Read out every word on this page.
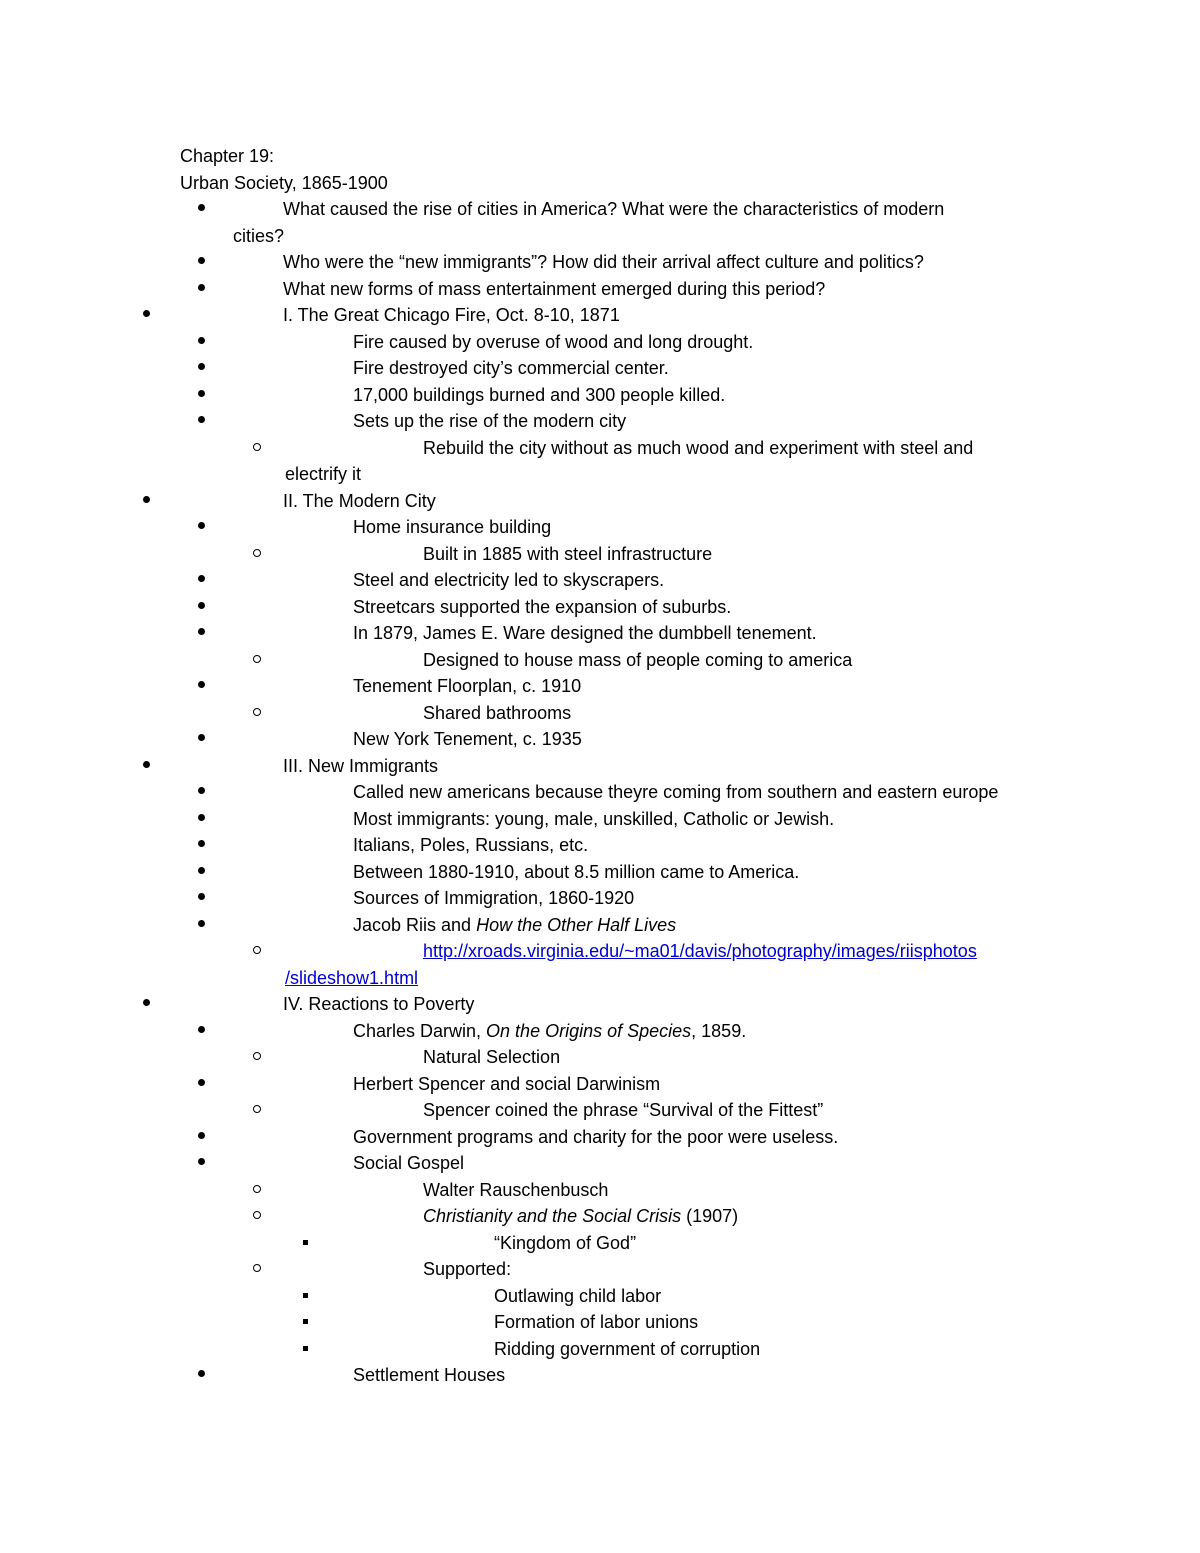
Chapter 19:
Urban Society, 1865-1900
What caused the rise of cities in America? What were the characteristics of modern
cities?
Who were the “new immigrants”? How did their arrival affect culture and politics?
What new forms of mass entertainment emerged during this period?
I. The Great Chicago Fire, Oct. 8-10, 1871
Fire caused by overuse of wood and long drought.
Fire destroyed city’s commercial center.
17,000 buildings burned and 300 people killed.
Sets up the rise of the modern city
Rebuild the city without as much wood and experiment with steel and
electrify it
II. The Modern City
Home insurance building
Built in 1885 with steel infrastructure
Steel and electricity led to skyscrapers.
Streetcars supported the expansion of suburbs.
In 1879, James E. Ware designed the dumbbell tenement.
Designed to house mass of people coming to america
Tenement Floorplan, c. 1910
Shared bathrooms
New York Tenement, c. 1935
III. New Immigrants
Called new americans because theyre coming from southern and eastern europe
Most immigrants: young, male, unskilled, Catholic or Jewish.
Italians, Poles, Russians, etc.
Between 1880-1910, about 8.5 million came to America.
Sources of Immigration, 1860-1920
Jacob Riis and How the Other Half Lives
http://xroads.virginia.edu/~ma01/davis/photography/images/riisphotos
/slideshow1.html
IV. Reactions to Poverty
Charles Darwin, On the Origins of Species, 1859.
Natural Selection
Herbert Spencer and social Darwinism
Spencer coined the phrase “Survival of the Fittest”
Government programs and charity for the poor were useless.
Social Gospel
Walter Rauschenbusch
Christianity and the Social Crisis (1907)
“Kingdom of God”
Supported:
Outlawing child labor
Formation of labor unions
Ridding government of corruption
Settlement Houses
